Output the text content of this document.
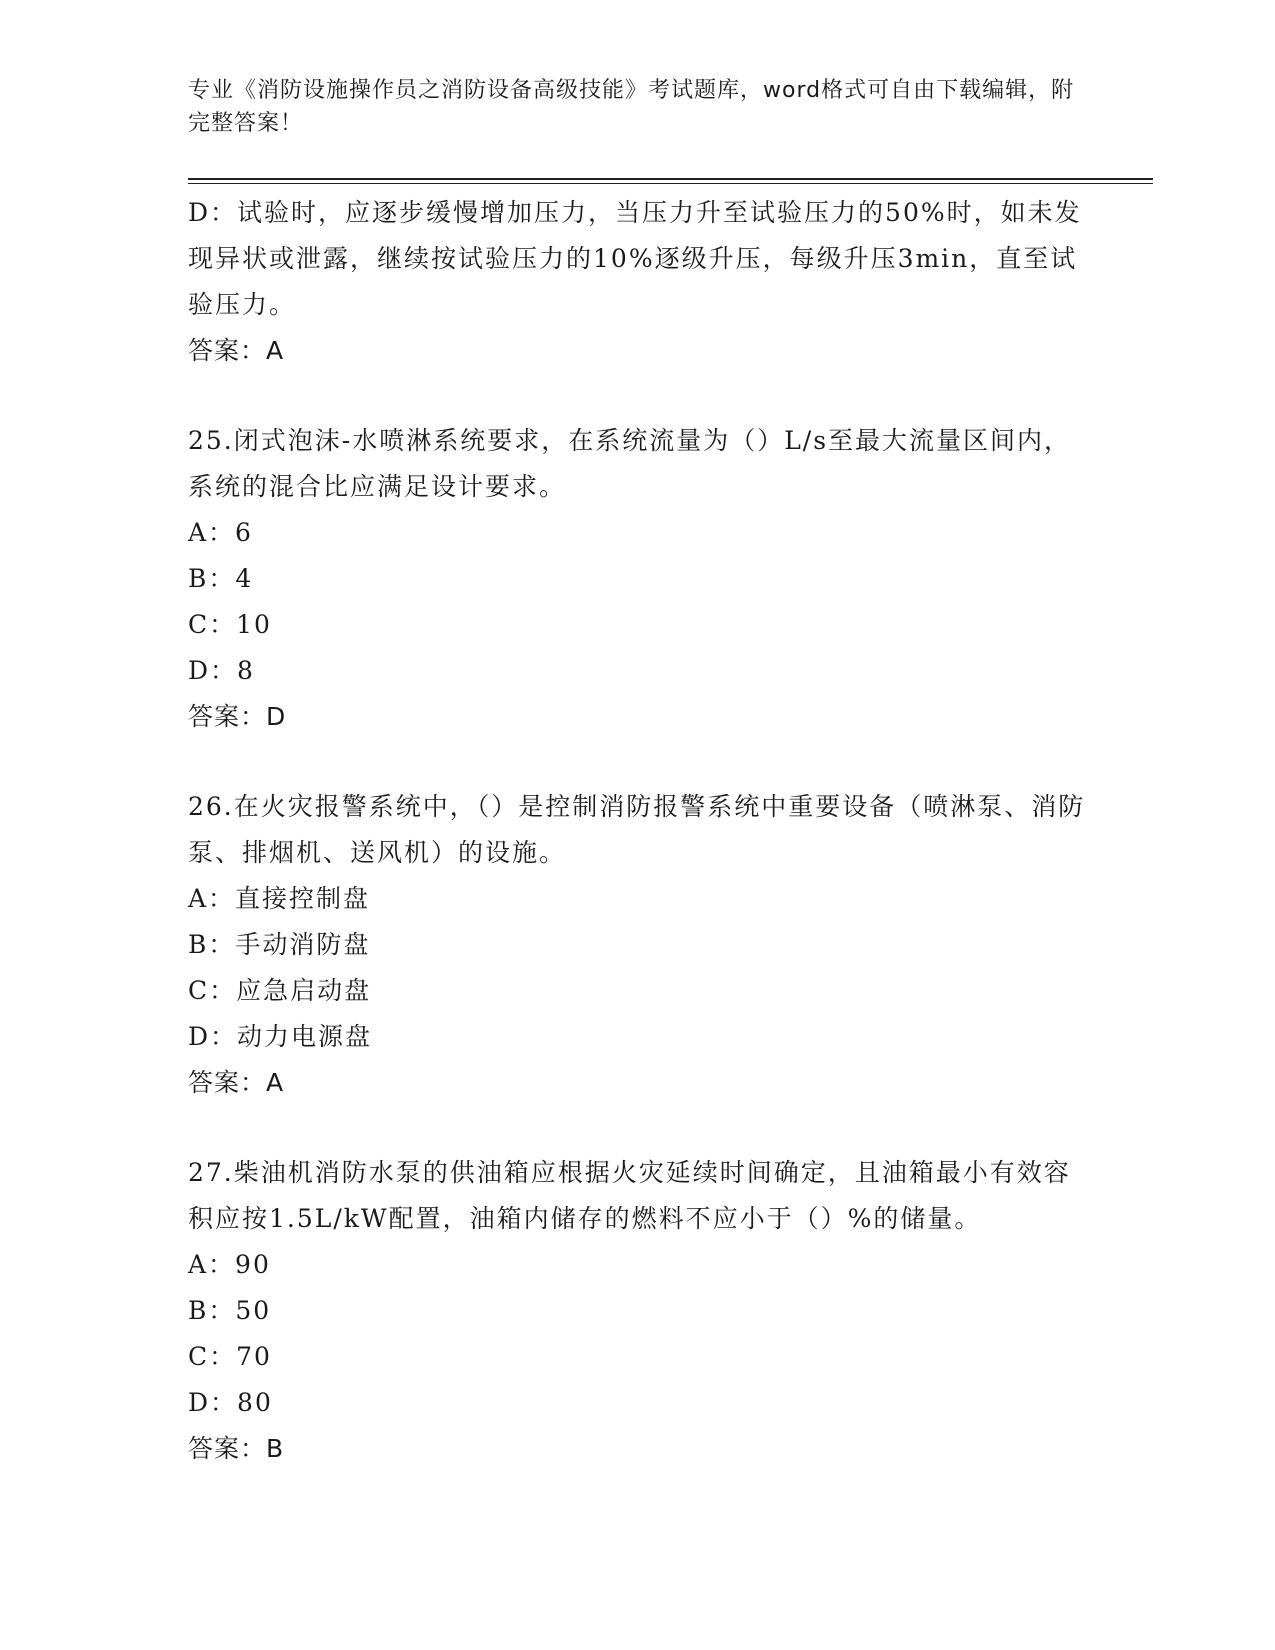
专业《消防设施操作员之消防设备高级技能》考试题库，word格式可自由下载编辑，附完整答案！
D：试验时，应逐步缓慢增加压力，当压力升至试验压力的50%时，如未发现异状或泄露，继续按试验压力的10%逐级升压，每级升压3min，直至试验压力。
答案：A
25.闭式泡沫-水喷淋系统要求，在系统流量为（）L/s至最大流量区间内，系统的混合比应满足设计要求。
A：6
B：4
C：10
D：8
答案：D
26.在火灾报警系统中，（）是控制消防报警系统中重要设备（喷淋泵、消防泵、排烟机、送风机）的设施。
A：直接控制盘
B：手动消防盘
C：应急启动盘
D：动力电源盘
答案：A
27.柴油机消防水泵的供油箱应根据火灾延续时间确定，且油箱最小有效容积应按1.5L/kW配置，油箱内储存的燃料不应小于（）%的储量。
A：90
B：50
C：70
D：80
答案：B
